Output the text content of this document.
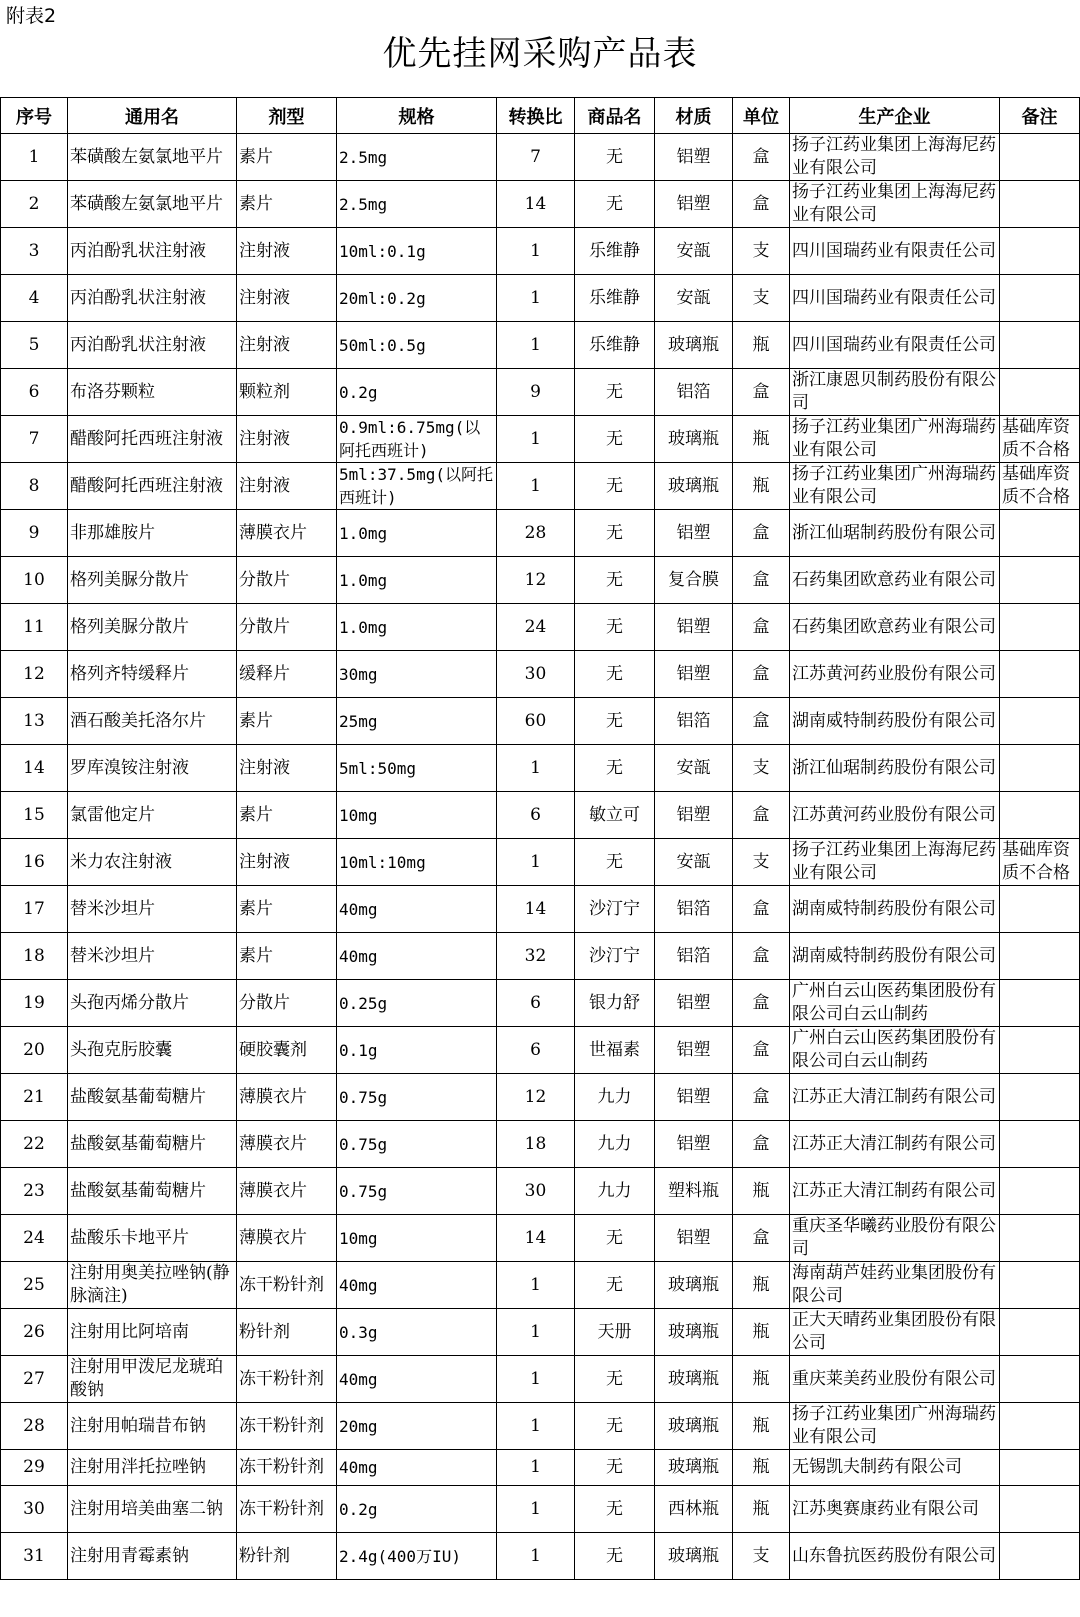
附表2
优先挂网采购产品表
序号	通用名	剂型	规格	转换比	商品名	材质	单位	生产企业	备注

1	苯磺酸左氨氯地平片	素片	2.5mg	7	无	铝塑	盒	扬子江药业集团上海海尼药业有限公司	

2	苯磺酸左氨氯地平片	素片	2.5mg	14	无	铝塑	盒	扬子江药业集团上海海尼药业有限公司	

3	丙泊酚乳状注射液	注射液	10ml:0.1g	1	乐维静	安瓿	支	四川国瑞药业有限责任公司	

4	丙泊酚乳状注射液	注射液	20ml:0.2g	1	乐维静	安瓿	支	四川国瑞药业有限责任公司	

5	丙泊酚乳状注射液	注射液	50ml:0.5g	1	乐维静	玻璃瓶	瓶	四川国瑞药业有限责任公司	

6	布洛芬颗粒	颗粒剂	0.2g	9	无	铝箔	盒	浙江康恩贝制药股份有限公司	

7	醋酸阿托西班注射液	注射液	0.9ml:6.75mg(以阿托西班计)	1	无	玻璃瓶	瓶	扬子江药业集团广州海瑞药业有限公司	基础库资质不合格

8	醋酸阿托西班注射液	注射液	5ml:37.5mg(以阿托西班计)	1	无	玻璃瓶	瓶	扬子江药业集团广州海瑞药业有限公司	基础库资质不合格

9	非那雄胺片	薄膜衣片	1.0mg	28	无	铝塑	盒	浙江仙琚制药股份有限公司	

10	格列美脲分散片	分散片	1.0mg	12	无	复合膜	盒	石药集团欧意药业有限公司	

11	格列美脲分散片	分散片	1.0mg	24	无	铝塑	盒	石药集团欧意药业有限公司	

12	格列齐特缓释片	缓释片	30mg	30	无	铝塑	盒	江苏黄河药业股份有限公司	

13	酒石酸美托洛尔片	素片	25mg	60	无	铝箔	盒	湖南威特制药股份有限公司	

14	罗库溴铵注射液	注射液	5ml:50mg	1	无	安瓿	支	浙江仙琚制药股份有限公司	

15	氯雷他定片	素片	10mg	6	敏立可	铝塑	盒	江苏黄河药业股份有限公司	

16	米力农注射液	注射液	10ml:10mg	1	无	安瓿	支	扬子江药业集团上海海尼药业有限公司	基础库资质不合格

17	替米沙坦片	素片	40mg	14	沙汀宁	铝箔	盒	湖南威特制药股份有限公司	

18	替米沙坦片	素片	40mg	32	沙汀宁	铝箔	盒	湖南威特制药股份有限公司	

19	头孢丙烯分散片	分散片	0.25g	6	银力舒	铝塑	盒	广州白云山医药集团股份有限公司白云山制药	

20	头孢克肟胶囊	硬胶囊剂	0.1g	6	世福素	铝塑	盒	广州白云山医药集团股份有限公司白云山制药	

21	盐酸氨基葡萄糖片	薄膜衣片	0.75g	12	九力	铝塑	盒	江苏正大清江制药有限公司	

22	盐酸氨基葡萄糖片	薄膜衣片	0.75g	18	九力	铝塑	盒	江苏正大清江制药有限公司	

23	盐酸氨基葡萄糖片	薄膜衣片	0.75g	30	九力	塑料瓶	瓶	江苏正大清江制药有限公司	

24	盐酸乐卡地平片	薄膜衣片	10mg	14	无	铝塑	盒	重庆圣华曦药业股份有限公司	

25	注射用奥美拉唑钠(静脉滴注)	冻干粉针剂	40mg	1	无	玻璃瓶	瓶	海南葫芦娃药业集团股份有限公司	

26	注射用比阿培南	粉针剂	0.3g	1	天册	玻璃瓶	瓶	正大天晴药业集团股份有限公司	

27	注射用甲泼尼龙琥珀酸钠	冻干粉针剂	40mg	1	无	玻璃瓶	瓶	重庆莱美药业股份有限公司	

28	注射用帕瑞昔布钠	冻干粉针剂	20mg	1	无	玻璃瓶	瓶	扬子江药业集团广州海瑞药业有限公司	

29	注射用泮托拉唑钠	冻干粉针剂	40mg	1	无	玻璃瓶	瓶	无锡凯夫制药有限公司	

30	注射用培美曲塞二钠	冻干粉针剂	0.2g	1	无	西林瓶	瓶	江苏奥赛康药业有限公司	

31	注射用青霉素钠	粉针剂	2.4g(400万IU)	1	无	玻璃瓶	支	山东鲁抗医药股份有限公司	
